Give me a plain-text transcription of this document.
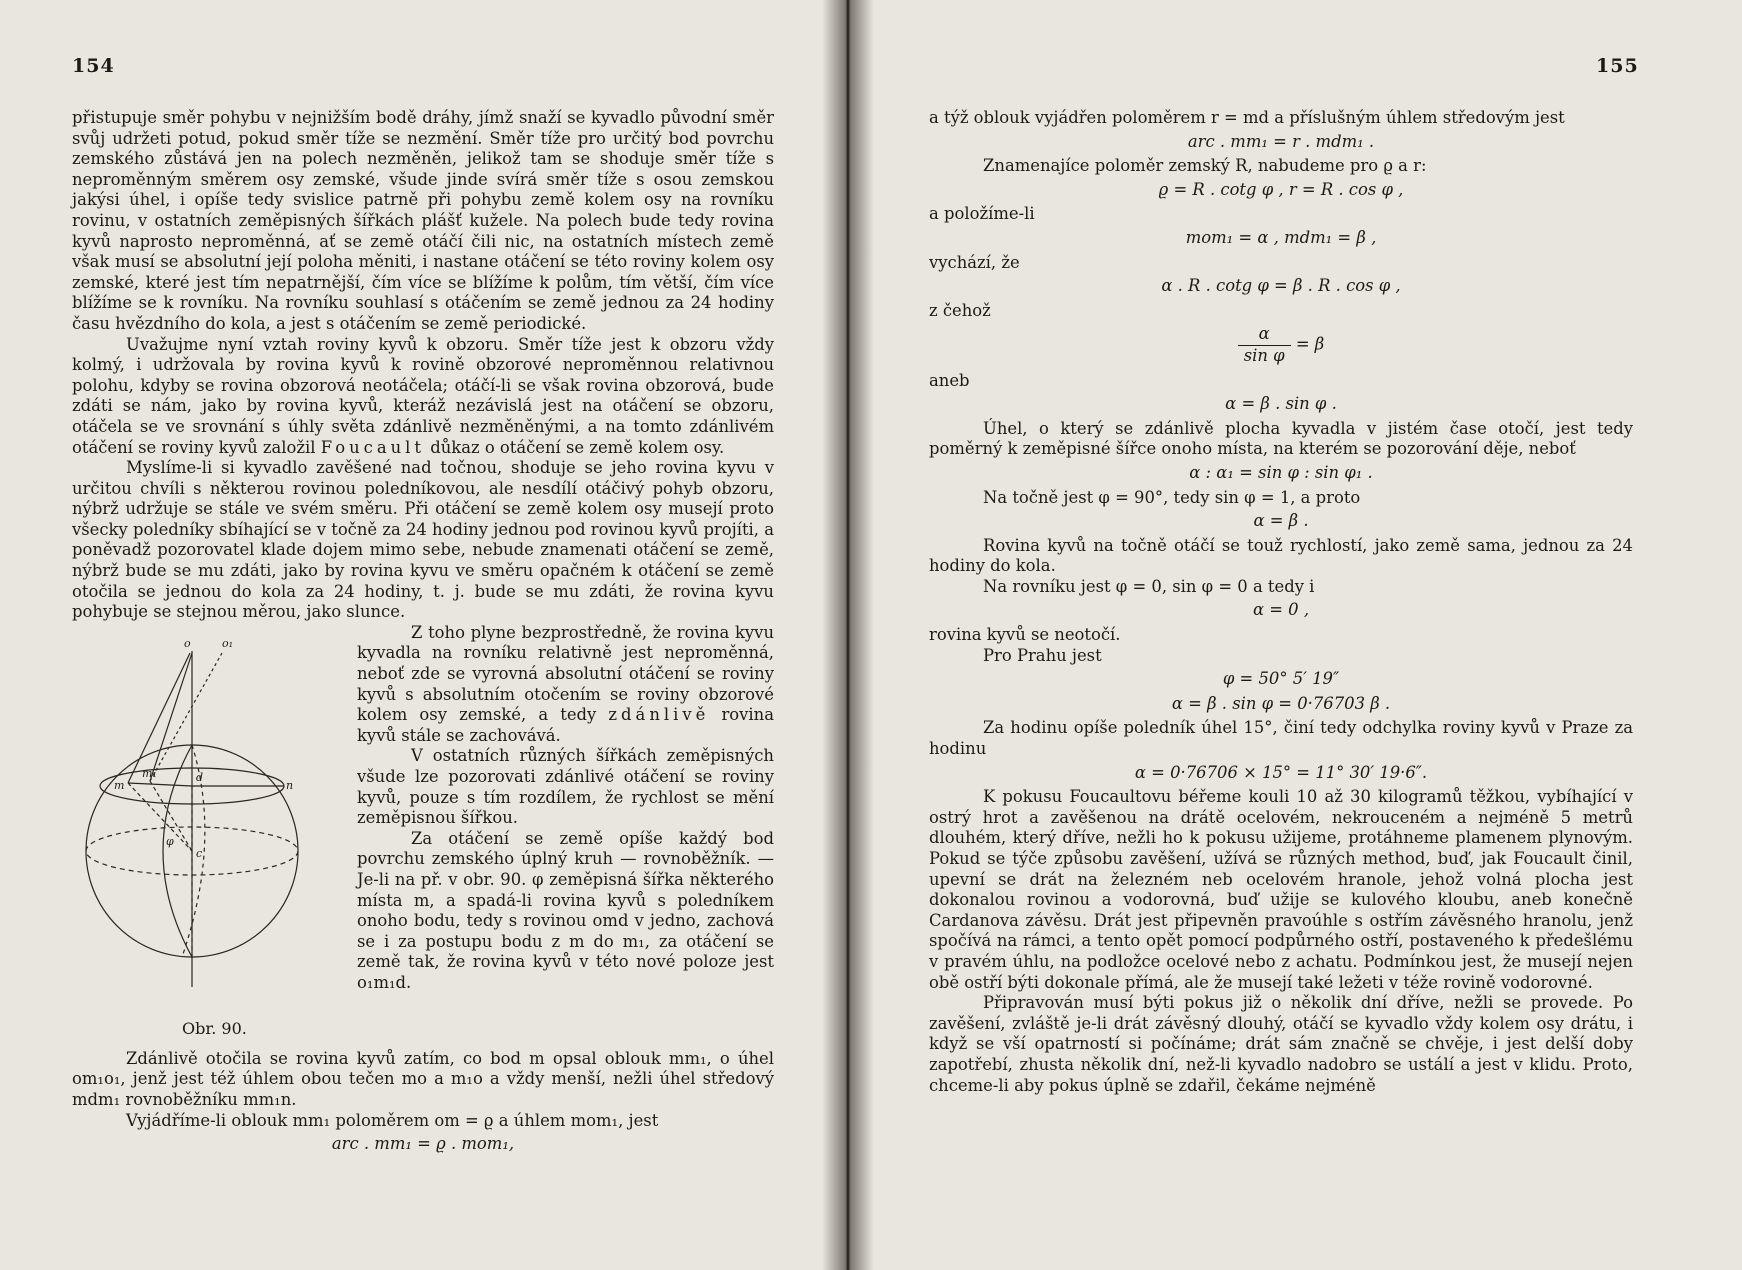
154

přistupuje směr pohybu v nejnižším bodě dráhy, jímž snaží se kyvadlo původní směr svůj udržeti potud, pokud směr tíže se nezmění. Směr tíže pro určitý bod povrchu zemského zůstává jen na polech nezměněn, jelikož tam se shoduje směr tíže s neproměnným směrem osy zemské, všude jinde svírá směr tíže s osou zemskou jakýsi úhel, i opíše tedy svislice patrně při pohybu země kolem osy na rovníku rovinu, v ostatních zeměpisných šířkách plášť kužele. Na polech bude tedy rovina kyvů naprosto neproměnná, ať se země otáčí čili nic, na ostatních místech země však musí se absolutní její poloha měniti, i nastane otáčení se této roviny kolem osy zemské, které jest tím nepatrnější, čím více se blížíme k polům, tím větší, čím více blížíme se k rovníku. Na rovníku souhlasí s otáčením se země jednou za 24 hodiny času hvězdního do kola, a jest s otáčením se země periodické.

Uvažujme nyní vztah roviny kyvů k obzoru. Směr tíže jest k obzoru vždy kolmý, i udržovala by rovina kyvů k rovině obzorové neproměnnou relativnou polohu, kdyby se rovina obzorová neotáčela; otáčí-li se však rovina obzorová, bude zdáti se nám, jako by rovina kyvů, kteráž nezávislá jest na otáčení se obzoru, otáčela se ve srovnání s úhly světa zdánlivě nezměněnými, a na tomto zdánlivém otáčení se roviny kyvů založil Foucault důkaz o otáčení se země kolem osy.

Myslíme-li si kyvadlo zavěšené nad točnou, shoduje se jeho rovina kyvu v určitou chvíli s některou rovinou poledníkovou, ale nesdílí otáčivý pohyb obzoru, nýbrž udržuje se stále ve svém směru. Při otáčení se země kolem osy musejí proto všecky poledníky sbíhající se v točně za 24 hodiny jednou pod rovinou kyvů projíti, a poněvadž pozorovatel klade dojem mimo sebe, nebude znamenati otáčení se země, nýbrž bude se mu zdáti, jako by rovina kyvu ve směru opačném k otáčení se země otočila se jednou do kola za 24 hodiny, t. j. bude se mu zdáti, že rovina kyvu pohybuje se stejnou měrou, jako slunce.

o	o₁
d
n
m
m₁
c
φ
Obr. 90.

Z toho plyne bezprostředně, že rovina kyvu kyvadla na rovníku relativně jest neproměnná, neboť zde se vyrovná absolutní otáčení se roviny kyvů s absolutním otočením se roviny obzorové kolem osy zemské, a tedy zdánlivě rovina kyvů stále se zachovává.

V ostatních různých šířkách zeměpisných všude lze pozorovati zdánlivé otáčení se roviny kyvů, pouze s tím rozdílem, že rychlost se mění zeměpisnou šířkou.

Za otáčení se země opíše každý bod povrchu zemského úplný kruh — rovnoběžník. — Je-li na př. v obr. 90. φ zeměpisná šířka některého místa m, a spadá-li rovina kyvů s poledníkem onoho bodu, tedy s rovinou omd v jedno, zachová se i za postupu bodu z m do m₁, za otáčení se země tak, že rovina kyvů v této nové poloze jest o₁m₁d.

Zdánlivě otočila se rovina kyvů zatím, co bod m opsal oblouk mm₁, o úhel om₁o₁, jenž jest též úhlem obou tečen mo a m₁o a vždy menší, nežli úhel středový mdm₁ rovnoběžníku mm₁n.

Vyjádříme-li oblouk mm₁ poloměrem om = ϱ a úhlem mom₁, jest

arc . mm₁ = ϱ . mom₁,

155

a týž oblouk vyjádřen poloměrem r = md a příslušným úhlem středovým jest

arc . mm₁ = r . mdm₁ .

Znamenajíce poloměr zemský R, nabudeme pro ϱ a r:

ϱ = R . cotg φ , r = R . cos φ ,

a položíme-li

mom₁ = α , mdm₁ = β ,

vychází, že

α . R . cotg φ = β . R . cos φ ,

z čehož

$\frac{\alpha}{\text{sin φ}} = \beta$

aneb

α = β . sin φ .

Úhel, o který se zdánlivě plocha kyvadla v jistém čase otočí, jest tedy poměrný k zeměpisné šířce onoho místa, na kterém se pozorování děje, neboť

α : α₁ = sin φ : sin φ₁ .

Na točně jest φ = 90°, tedy sin φ = 1, a proto

α = β .

Rovina kyvů na točně otáčí se touž rychlostí, jako země sama, jednou za 24 hodiny do kola.

Na rovníku jest φ = 0, sin φ = 0 a tedy i

α = 0 ,

rovina kyvů se neotočí.

Pro Prahu jest

φ = 50° 5′ 19″

α = β . sin φ = 0·76703 β .

Za hodinu opíše poledník úhel 15°, činí tedy odchylka roviny kyvů v Praze za hodinu

α = 0·76706 × 15° = 11° 30′ 19·6″.

K pokusu Foucaultovu béřeme kouli 10 až 30 kilogramů těžkou, vybíhající v ostrý hrot a zavěšenou na drátě ocelovém, nekrouceném a nejméně 5 metrů dlouhém, který dříve, nežli ho k pokusu užijeme, protáhneme plamenem plynovým. Pokud se týče způsobu zavěšení, užívá se různých method, buď, jak Foucault činil, upevní se drát na železném neb ocelovém hranole, jehož volná plocha jest dokonalou rovinou a vodorovná, buď užije se kulového kloubu, aneb konečně Cardanova závěsu. Drát jest připevněn pravoúhle s ostřím závěsného hranolu, jenž spočívá na rámci, a tento opět pomocí podpůrného ostří, postaveného k předešlému v pravém úhlu, na podložce ocelové nebo z achatu. Podmínkou jest, že musejí nejen obě ostří býti dokonale přímá, ale že musejí také ležeti v téže rovině vodorovné.

Připravován musí býti pokus již o několik dní dříve, nežli se provede. Po zavěšení, zvláště je-li drát závěsný dlouhý, otáčí se kyvadlo vždy kolem osy drátu, i když se vší opatrností si počínáme; drát sám značně se chvěje, i jest delší doby zapotřebí, zhusta několik dní, než-li kyvadlo nadobro se ustálí a jest v klidu. Proto, chceme-li aby pokus úplně se zdařil, čekáme nejméně
